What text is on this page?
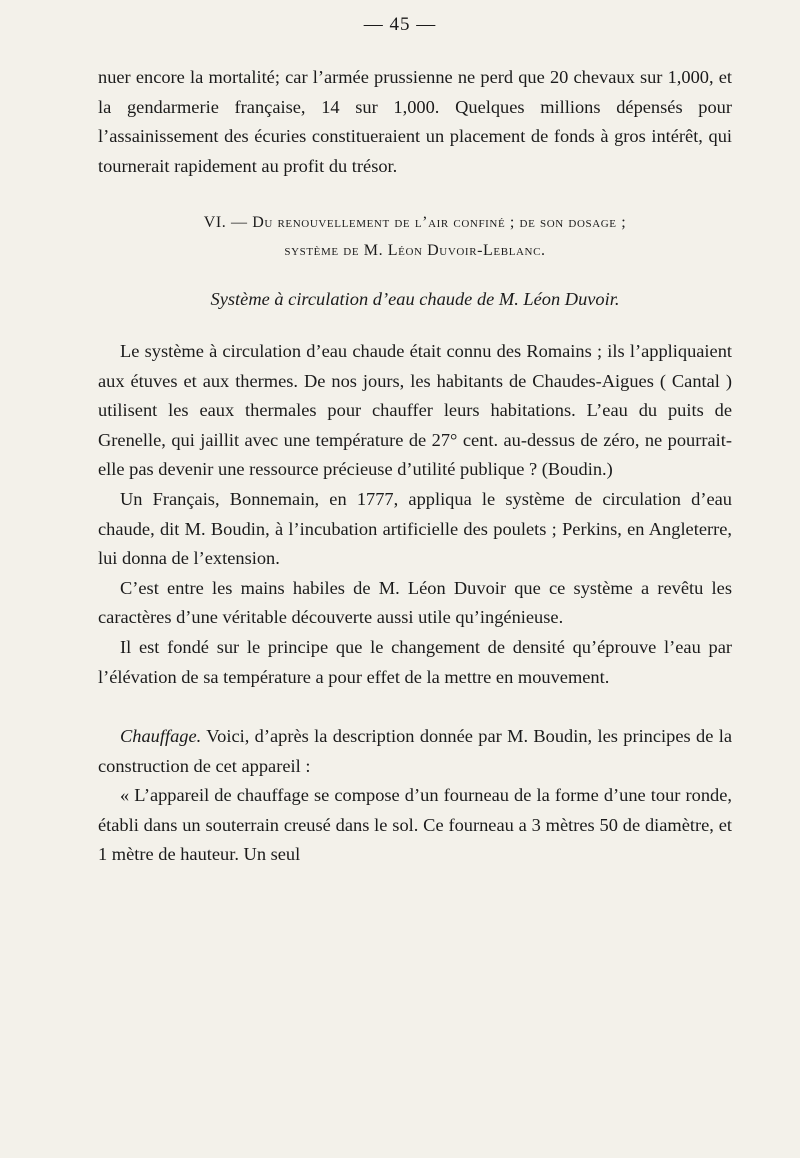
— 45 —

nuer encore la mortalité; car l’armée prussienne ne perd que 20 chevaux sur 1,000, et la gendarmerie française, 14 sur 1,000. Quelques millions dépensés pour l’assainissement des écuries constitueraient un placement de fonds à gros intérêt, qui tournerait rapidement au profit du trésor.

VI. — Du renouvellement de l’air confiné ; de son dosage ;
système de M. Léon Duvoir-Leblanc.
Système à circulation d’eau chaude de M. Léon Duvoir.

Le système à circulation d’eau chaude était connu des Romains ; ils l’appliquaient aux étuves et aux thermes. De nos jours, les habitants de Chaudes-Aigues ( Cantal ) utilisent les eaux thermales pour chauffer leurs habitations. L’eau du puits de Grenelle, qui jaillit avec une température de 27° cent. au-dessus de zéro, ne pourrait-elle pas devenir une ressource précieuse d’utilité publique ? (Boudin.)

Un Français, Bonnemain, en 1777, appliqua le système de circulation d’eau chaude, dit M. Boudin, à l’incubation artificielle des poulets ; Perkins, en Angleterre, lui donna de l’extension.

C’est entre les mains habiles de M. Léon Duvoir que ce système a revêtu les caractères d’une véritable découverte aussi utile qu’ingénieuse.

Il est fondé sur le principe que le changement de densité qu’éprouve l’eau par l’élévation de sa température a pour effet de la mettre en mouvement.

Chauffage. Voici, d’après la description donnée par M. Boudin, les principes de la construction de cet appareil :

« L’appareil de chauffage se compose d’un fourneau de la forme d’une tour ronde, établi dans un souterrain creusé dans le sol. Ce fourneau a 3 mètres 50 de diamètre, et 1 mètre de hauteur. Un seul
